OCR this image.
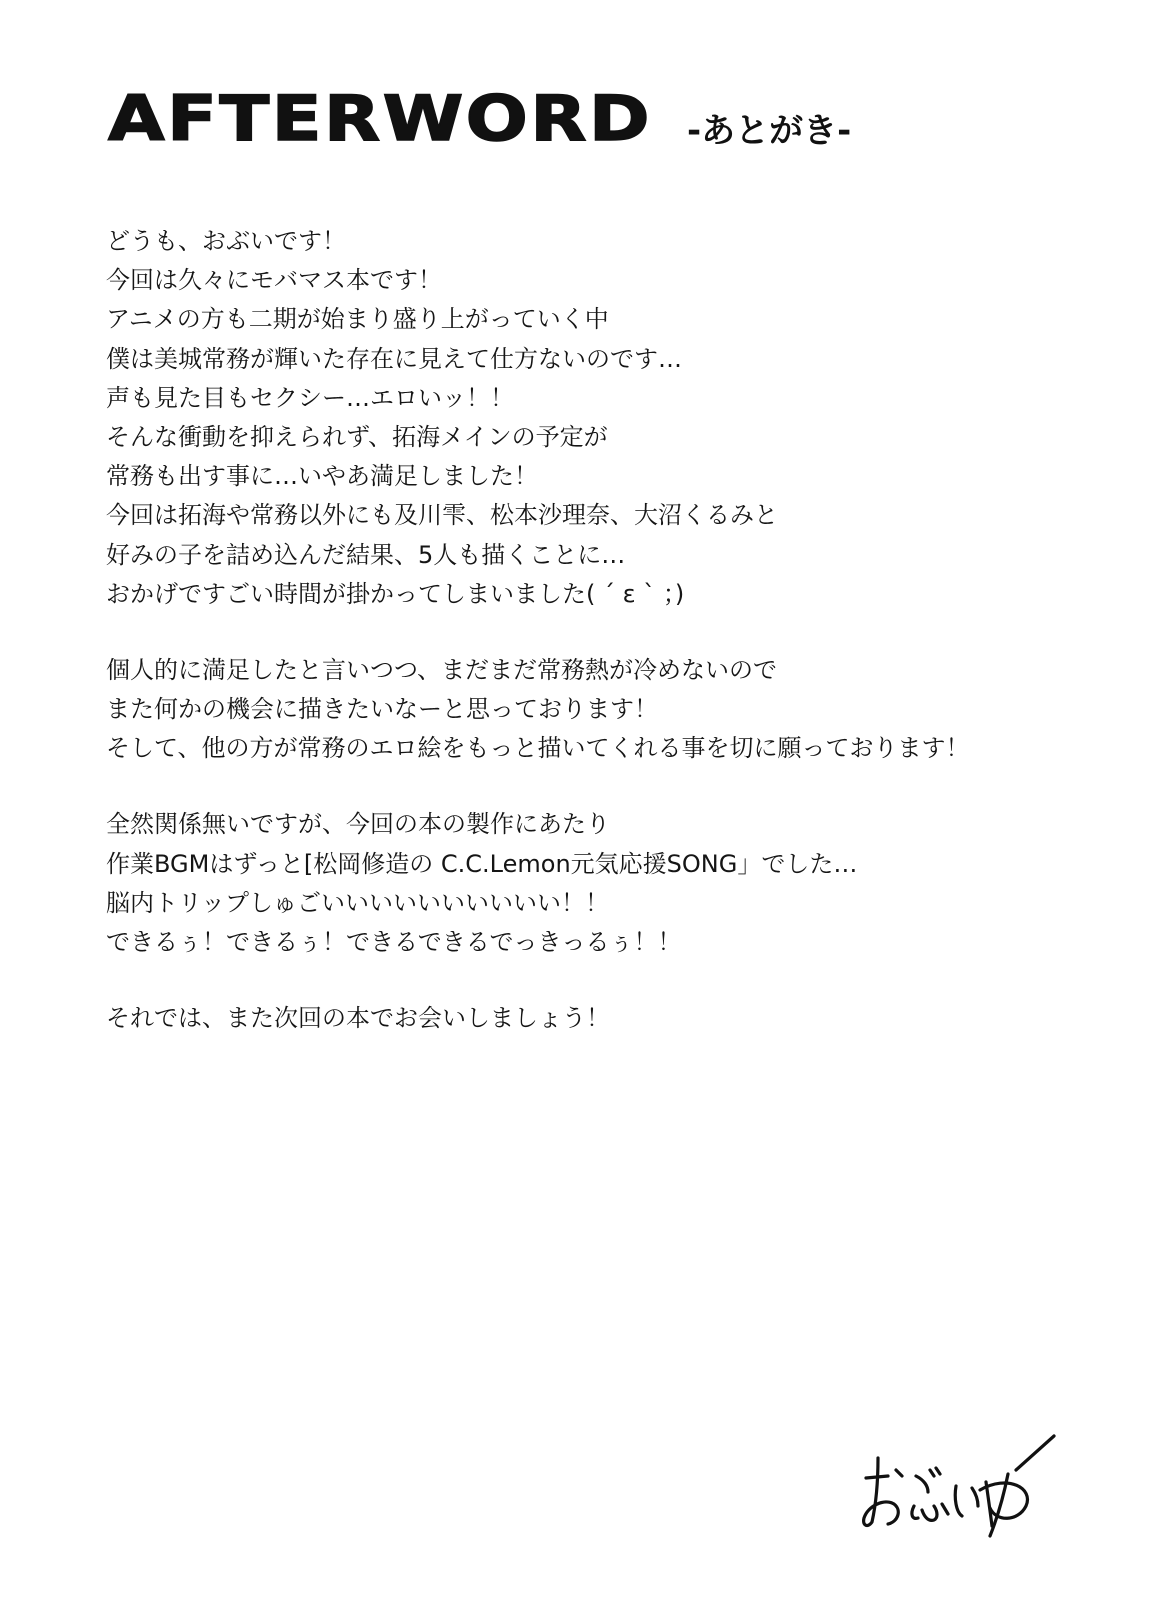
AFTERWORD -あとがき-
どうも、おぶいです！
今回は久々にモバマス本です！
アニメの方も二期が始まり盛り上がっていく中
僕は美城常務が輝いた存在に見えて仕方ないのです…
声も見た目もセクシー…エロいッ！！
そんな衝動を抑えられず、拓海メインの予定が
常務も出す事に…いやあ満足しました！
今回は拓海や常務以外にも及川雫、松本沙理奈、大沼くるみと
好みの子を詰め込んだ結果、5人も描くことに…
おかげですごい時間が掛かってしまいました( ´ ε ` ；)
個人的に満足したと言いつつ、まだまだ常務熱が冷めないので
また何かの機会に描きたいなーと思っております！
そして、他の方が常務のエロ絵をもっと描いてくれる事を切に願っております！
全然関係無いですが、今回の本の製作にあたり
作業BGMはずっと[松岡修造の C.C.Lemon元気応援SONG」でした…
脳内トリップしゅごいいいいいいいいいい！！
できるぅ！できるぅ！できるできるでっきっるぅ！！
それでは、また次回の本でお会いしましょう！
